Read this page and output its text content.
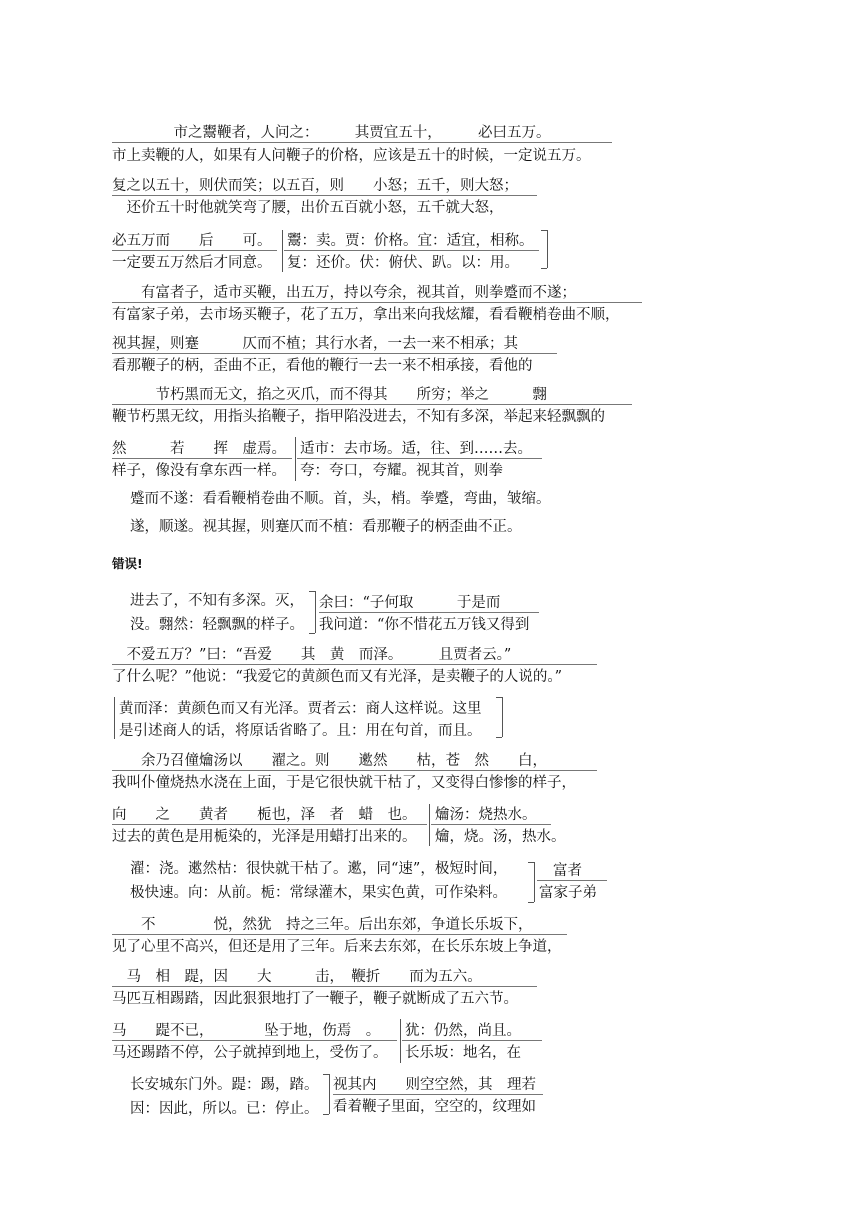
　　　市之鬻鞭者，人问之：　　　其贾宜五十，　　　必曰五万。
市上卖鞭的人，如果有人问鞭子的价格，应该是五十的时候，一定说五万。
复之以五十，则伏而笑；以五百，则　　小怒；五千，则大怒；
　还价五十时他就笑弯了腰，出价五百就小怒，五千就大怒，
必五万而　　后　　可。
一定要五万然后才同意。
鬻：卖。贾：价格。宜：适宜，相称。
复：还价。伏：俯伏、趴。以：用。
　　有富者子，适市买鞭，出五万，持以夸余，视其首，则拳蹙而不遂；
有富家子弟，去市场买鞭子，花了五万，拿出来向我炫耀，看看鞭梢卷曲不顺，
视其握，则蹇　　　仄而不植；其行水者，一去一来不相承；其
看那鞭子的柄，歪曲不正，看他的鞭行一去一来不相承接，看他的
　　　节朽黑而无文，掐之灭爪，而不得其　　所穷；举之　　　翲
鞭节朽黑无纹，用指头掐鞭子，指甲陷没进去，不知有多深，举起来轻飘飘的
然　　　若　　挥　虚焉。
样子，像没有拿东西一样。
适市：去市场。适，往、到……去。
夸：夸口，夸耀。视其首，则拳
蹙而不遂：看看鞭梢卷曲不顺。首，头，梢。拳蹙，弯曲，皱缩。
遂，顺遂。视其握，则蹇仄而不植：看那鞭子的柄歪曲不正。
错误!
进去了，不知有多深。灭，
没。翲然：轻飘飘的样子。
余曰：“子何取　　　于是而
我问道：“你不惜花五万钱又得到
　不爱五万？”曰：“吾爱　　其　黄　而泽。　　　且贾者云。”
了什么呢？”他说：“我爱它的黄颜色而又有光泽，是卖鞭子的人说的。”
黄而泽：黄颜色而又有光泽。贾者云：商人这样说。这里
是引述商人的话，将原话省略了。且：用在句首，而且。
　　余乃召僮爚汤以　　濯之。则　　遬然　　枯，苍　然　　白，
我叫仆僮烧热水浇在上面，于是它很快就干枯了，又变得白惨惨的样子，
向　　之　　黄者　　栀也，泽　者　蜡　也。
过去的黄色是用栀染的，光泽是用蜡打出来的。
爚汤：烧热水。
爚，烧。汤，热水。
濯：浇。遬然枯：很快就干枯了。遬，同“速”，极短时间，
极快速。向：从前。栀：常绿灌木，果实色黄，可作染料。
富者
富家子弟
　　不　　　　悦，然犹　持之三年。后出东郊，争道长乐坂下，
见了心里不高兴，但还是用了三年。后来去东郊，在长乐东坡上争道，
　马　相　踶，因　　大　　　击，　鞭折　　而为五六。
马匹互相踢踏，因此狠狠地打了一鞭子，鞭子就断成了五六节。
马　　踶不已，　　　　坠于地，伤焉　。
马还踢踏不停，公子就掉到地上，受伤了。
犹：仍然，尚且。
长乐坂：地名，在
长安城东门外。踶：踢，踏。
因：因此，所以。已：停止。
视其内　　则空空然，其　理若
看着鞭子里面，空空的，纹理如
